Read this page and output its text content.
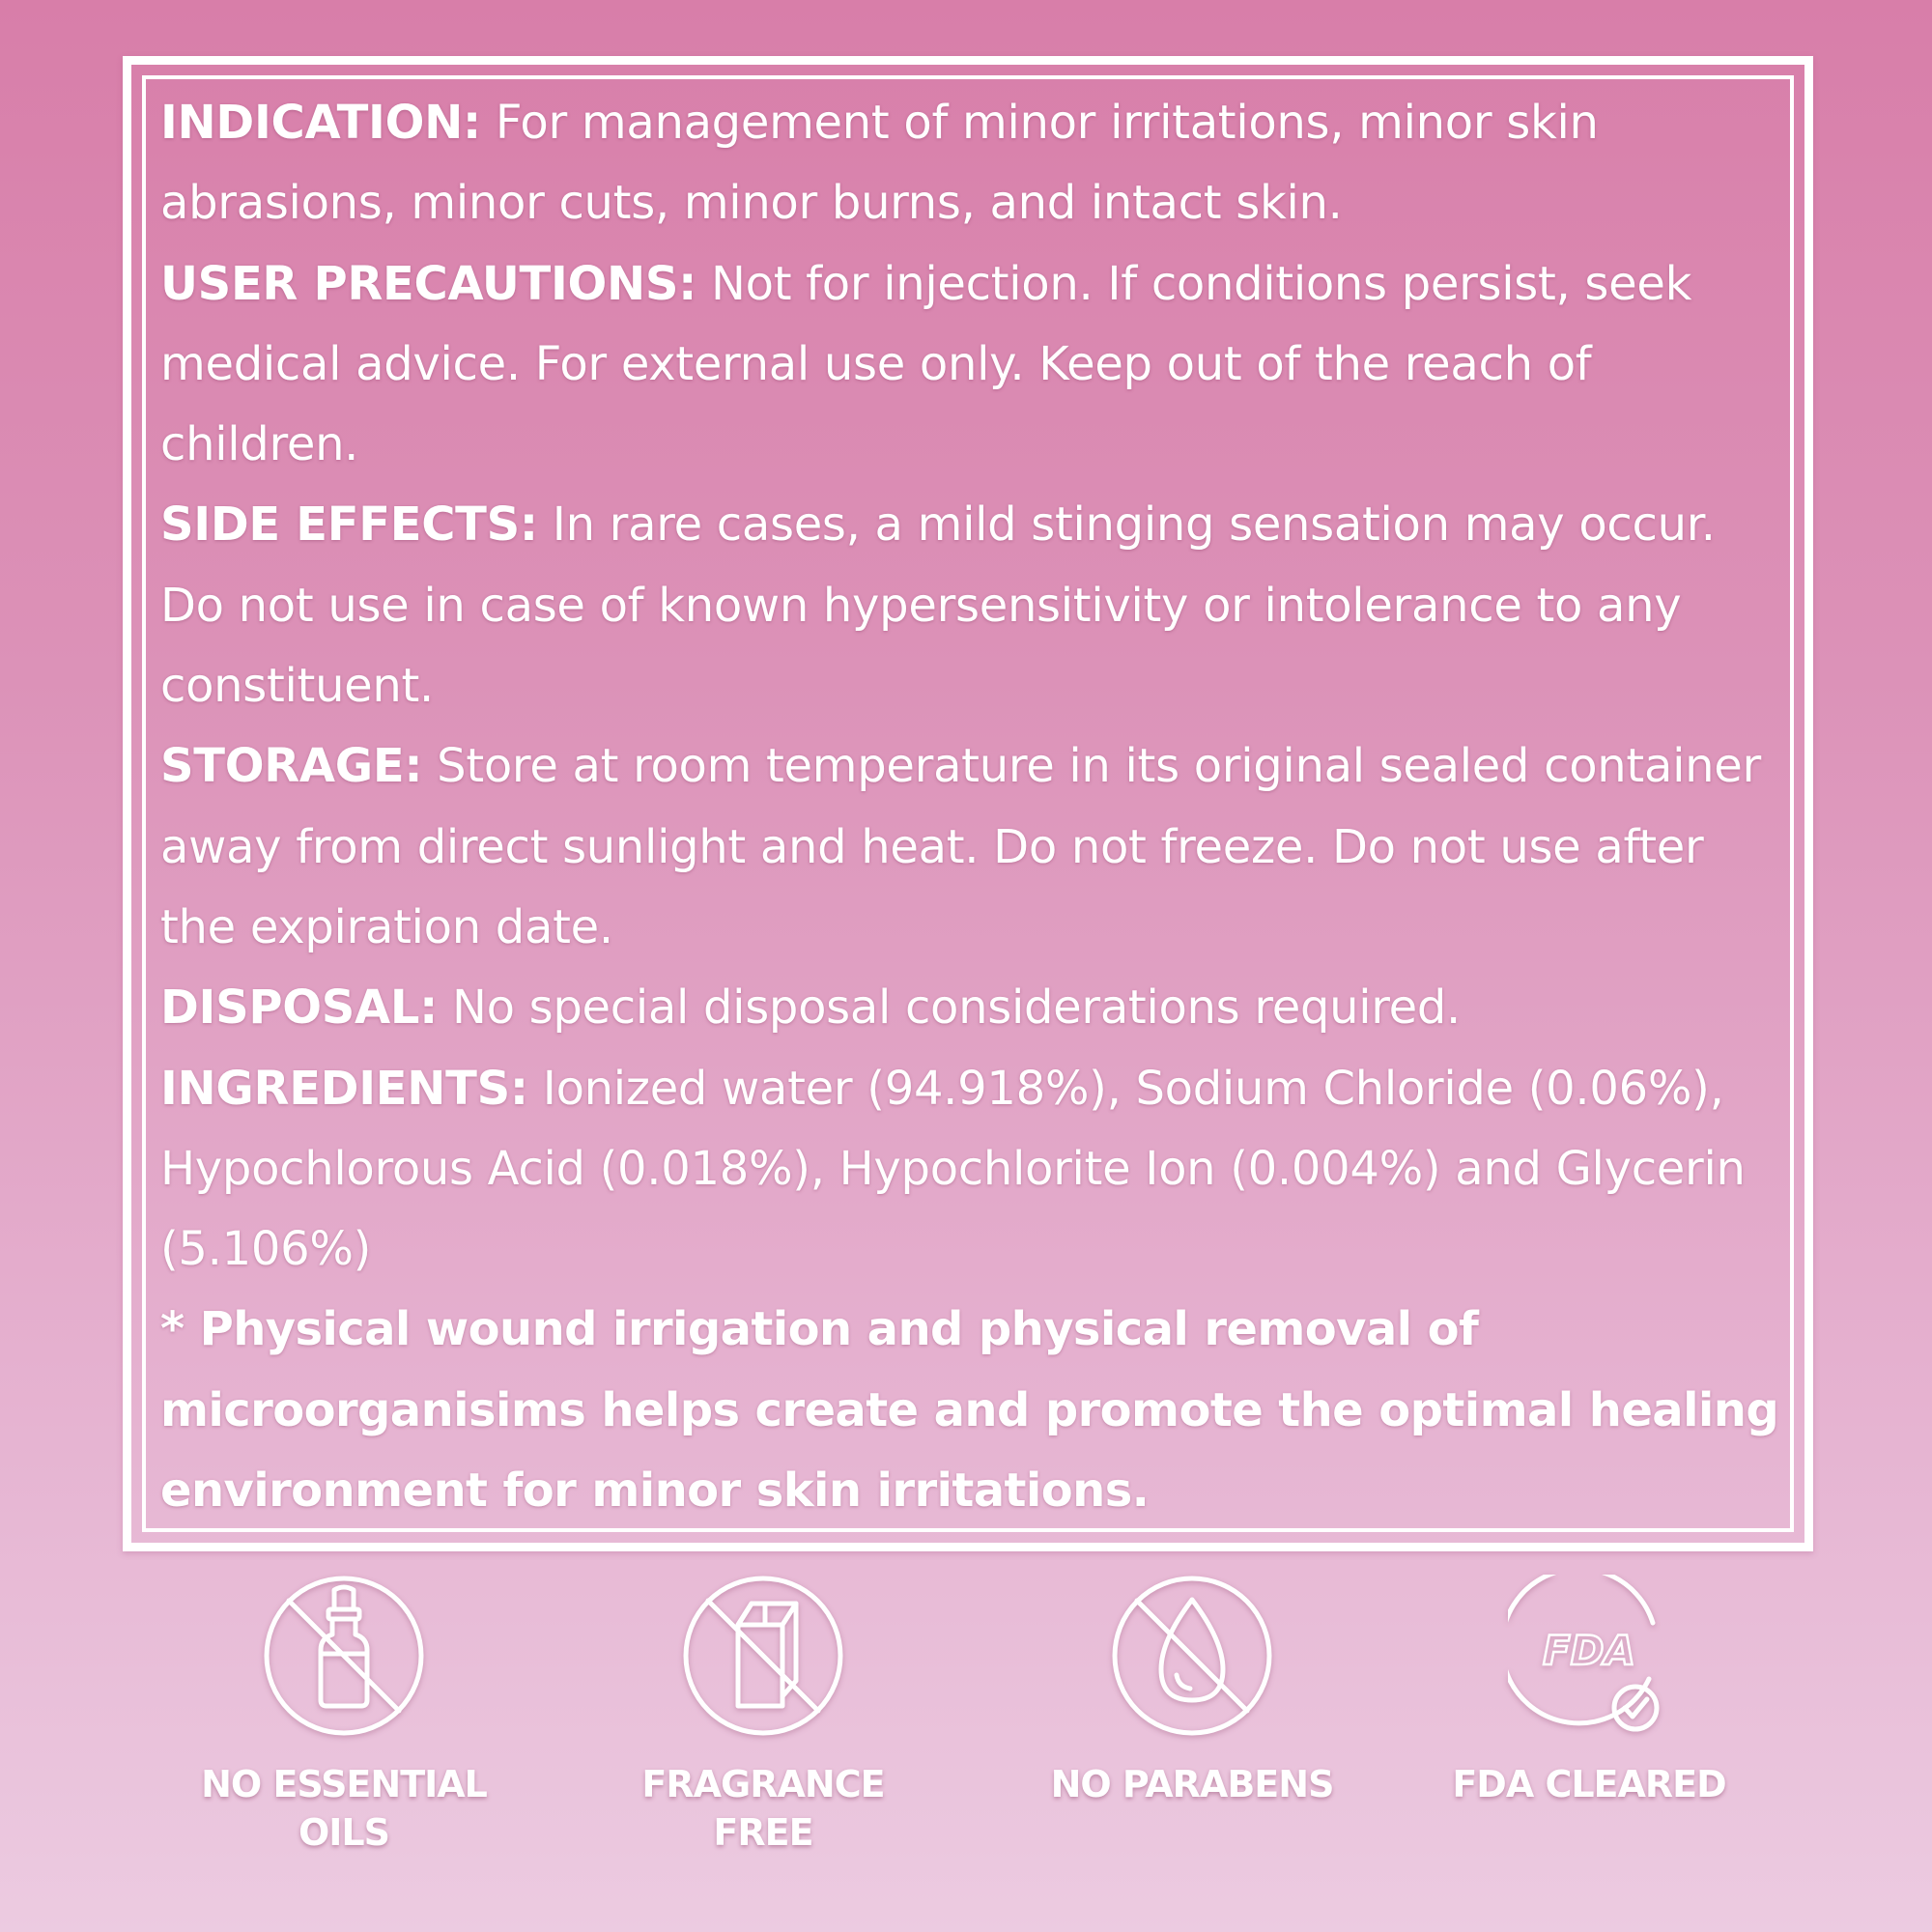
INDICATION: For management of minor irritations, minor skin abrasions, minor cuts, minor burns, and intact skin.

USER PRECAUTIONS: Not for injection. If conditions persist, seek medical advice. For external use only. Keep out of the reach of children.

SIDE EFFECTS: In rare cases, a mild stinging sensation may occur. Do not use in case of known hypersensitivity or intolerance to any constituent.

STORAGE: Store at room temperature in its original sealed container away from direct sunlight and heat. Do not freeze. Do not use after the expiration date.

DISPOSAL: No special disposal considerations required.

INGREDIENTS: Ionized water (94.918%), Sodium Chloride (0.06%), Hypochlorous Acid (0.018%), Hypochlorite Ion (0.004%) and Glycerin (5.106%)

* Physical wound irrigation and physical removal of microorganisims helps create and promote the optimal healing environment for minor skin irritations.

NO ESSENTIAL
OILS
FRAGRANCE
FREE
NO PARABENS
FDA
FDA CLEARED
